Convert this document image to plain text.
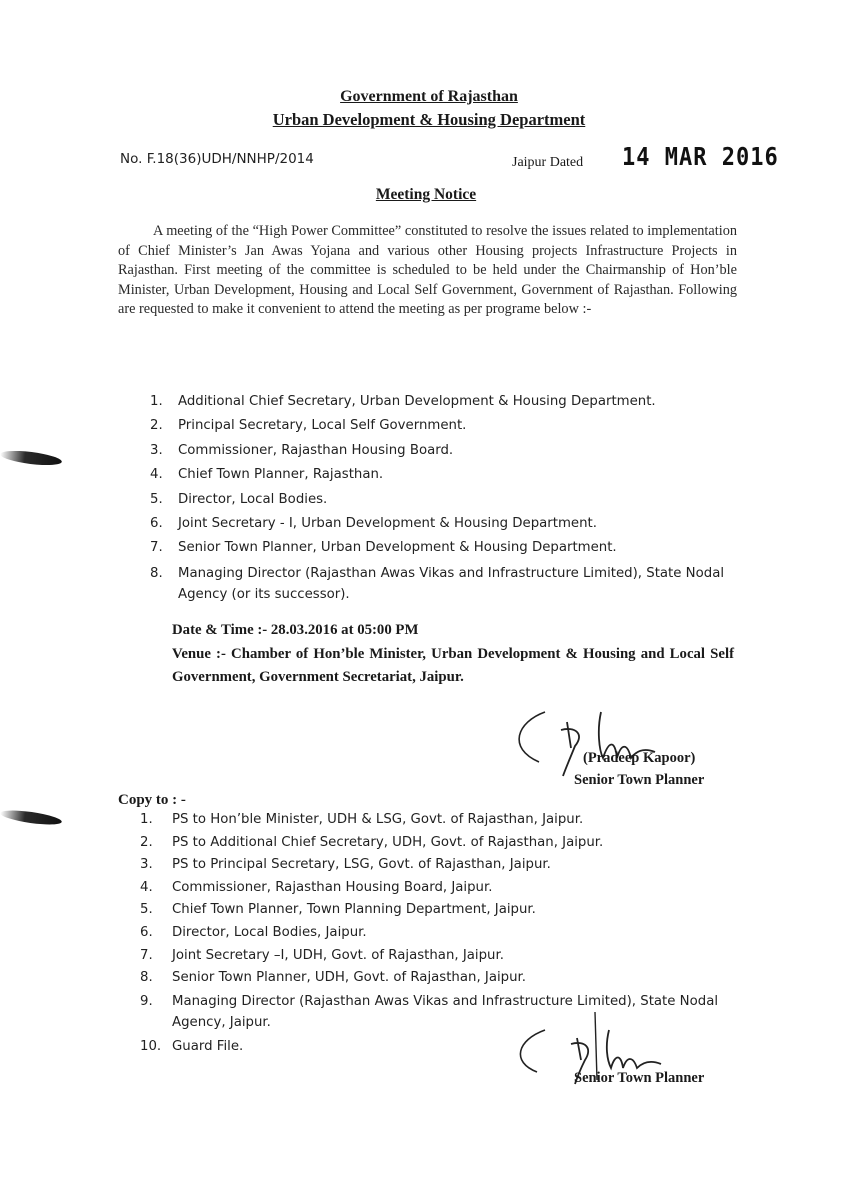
Government of Rajasthan
Urban Development & Housing Department
No. F.18(36)UDH/NNHP/2014	Jaipur Dated 14 MAR 2016
Meeting Notice
A meeting of the “High Power Committee” constituted to resolve the issues related to implementation of Chief Minister’s Jan Awas Yojana and various other Housing projects Infrastructure Projects in Rajasthan. First meeting of the committee is scheduled to be held under the Chairmanship of Hon’ble Minister, Urban Development, Housing and Local Self Government, Government of Rajasthan. Following are requested to make it convenient to attend the meeting as per programe below :-
1. Additional Chief Secretary, Urban Development & Housing Department.
2. Principal Secretary, Local Self Government.
3. Commissioner, Rajasthan Housing Board.
4. Chief Town Planner, Rajasthan.
5. Director, Local Bodies.
6. Joint Secretary - I, Urban Development & Housing Department.
7. Senior Town Planner, Urban Development & Housing Department.
8. Managing Director (Rajasthan Awas Vikas and Infrastructure Limited), State Nodal Agency (or its successor).
Date & Time :- 28.03.2016 at 05:00 PM
Venue :- Chamber of Hon’ble Minister, Urban Development & Housing and Local Self Government, Government Secretariat, Jaipur.
(Pradeep Kapoor)
Senior Town Planner
Copy to : -
1. PS to Hon’ble Minister, UDH & LSG, Govt. of Rajasthan, Jaipur.
2. PS to Additional Chief Secretary, UDH, Govt. of Rajasthan, Jaipur.
3. PS to Principal Secretary, LSG, Govt. of Rajasthan, Jaipur.
4. Commissioner, Rajasthan Housing Board, Jaipur.
5. Chief Town Planner, Town Planning Department, Jaipur.
6. Director, Local Bodies, Jaipur.
7. Joint Secretary –I, UDH, Govt. of Rajasthan, Jaipur.
8. Senior Town Planner, UDH, Govt. of Rajasthan, Jaipur.
9. Managing Director (Rajasthan Awas Vikas and Infrastructure Limited), State Nodal Agency, Jaipur.
10. Guard File.
Senior Town Planner
